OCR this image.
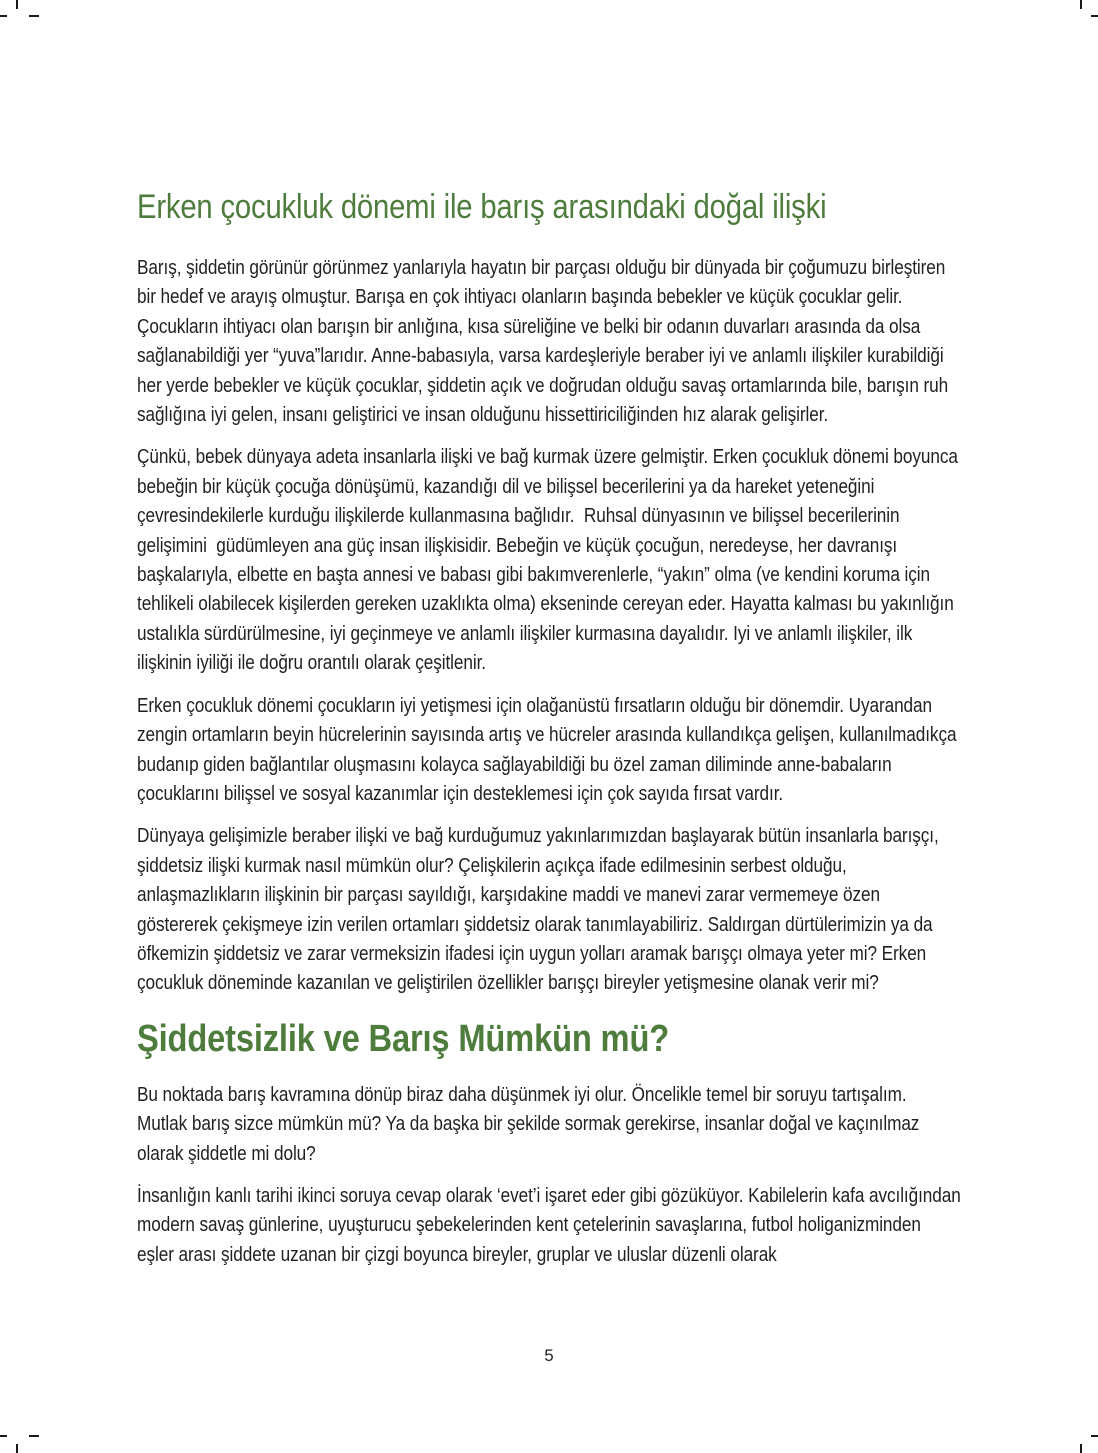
Erken çocukluk dönemi ile barış arasındaki doğal ilişki

Barış, şiddetin görünür görünmez yanlarıyla hayatın bir parçası olduğu bir dünyada bir çoğumuzu birleştiren bir hedef ve arayış olmuştur. Barışa en çok ihtiyacı olanların başında bebekler ve küçük çocuklar gelir. Çocukların ihtiyacı olan barışın bir anlığına, kısa süreliğine ve belki bir odanın duvarları arasında da olsa sağlanabildiği yer “yuva”larıdır. Anne-babasıyla, varsa kardeşleriyle beraber iyi ve anlamlı ilişkiler kurabildiği her yerde bebekler ve küçük çocuklar, şiddetin açık ve doğrudan olduğu savaş ortamlarında bile, barışın ruh sağlığına iyi gelen, insanı geliştirici ve insan olduğunu hissettiriciliğinden hız alarak gelişirler.

Çünkü, bebek dünyaya adeta insanlarla ilişki ve bağ kurmak üzere gelmiştir. Erken çocukluk dönemi boyunca bebeğin bir küçük çocuğa dönüşümü, kazandığı dil ve bilişsel becerilerini ya da hareket yeteneğini çevresindekilerle kurduğu ilişkilerde kullanmasına bağlıdır.  Ruhsal dünyasının ve bilişsel becerilerinin gelişimini  güdümleyen ana güç insan ilişkisidir. Bebeğin ve küçük çocuğun, neredeyse, her davranışı başkalarıyla, elbette en başta annesi ve babası gibi bakımverenlerle, “yakın” olma (ve kendini koruma için tehlikeli olabilecek kişilerden gereken uzaklıkta olma) ekseninde cereyan eder. Hayatta kalması bu yakınlığın ustalıkla sürdürülmesine, iyi geçinmeye ve anlamlı ilişkiler kurmasına dayalıdır. Iyi ve anlamlı ilişkiler, ilk ilişkinin iyiliği ile doğru orantılı olarak çeşitlenir.

Erken çocukluk dönemi çocukların iyi yetişmesi için olağanüstü fırsatların olduğu bir dönemdir. Uyarandan zengin ortamların beyin hücrelerinin sayısında artış ve hücreler arasında kullandıkça gelişen, kullanılmadıkça budanıp giden bağlantılar oluşmasını kolayca sağlayabildiği bu özel zaman diliminde anne-babaların çocuklarını bilişsel ve sosyal kazanımlar için desteklemesi için çok sayıda fırsat vardır.

Dünyaya gelişimizle beraber ilişki ve bağ kurduğumuz yakınlarımızdan başlayarak bütün insanlarla barışçı, şiddetsiz ilişki kurmak nasıl mümkün olur? Çelişkilerin açıkça ifade edilmesinin serbest olduğu, anlaşmazlıkların ilişkinin bir parçası sayıldığı, karşıdakine maddi ve manevi zarar vermemeye özen göstererek çekişmeye izin verilen ortamları şiddetsiz olarak tanımlayabiliriz. Saldırgan dürtülerimizin ya da öfkemizin şiddetsiz ve zarar vermeksizin ifadesi için uygun yolları aramak barışçı olmaya yeter mi? Erken çocukluk döneminde kazanılan ve geliştirilen özellikler barışçı bireyler yetişmesine olanak verir mi?

Şiddetsizlik ve Barış Mümkün mü?

Bu noktada barış kavramına dönüp biraz daha düşünmek iyi olur. Öncelikle temel bir soruyu tartışalım. Mutlak barış sizce mümkün mü? Ya da başka bir şekilde sormak gerekirse, insanlar doğal ve kaçınılmaz olarak şiddetle mi dolu?

İnsanlığın kanlı tarihi ikinci soruya cevap olarak ‘evet’i işaret eder gibi gözüküyor. Kabilelerin kafa avcılığından modern savaş günlerine, uyuşturucu şebekelerinden kent çetelerinin savaşlarına, futbol holiganizminden eşler arası şiddete uzanan bir çizgi boyunca bireyler, gruplar ve uluslar düzenli olarak

5
